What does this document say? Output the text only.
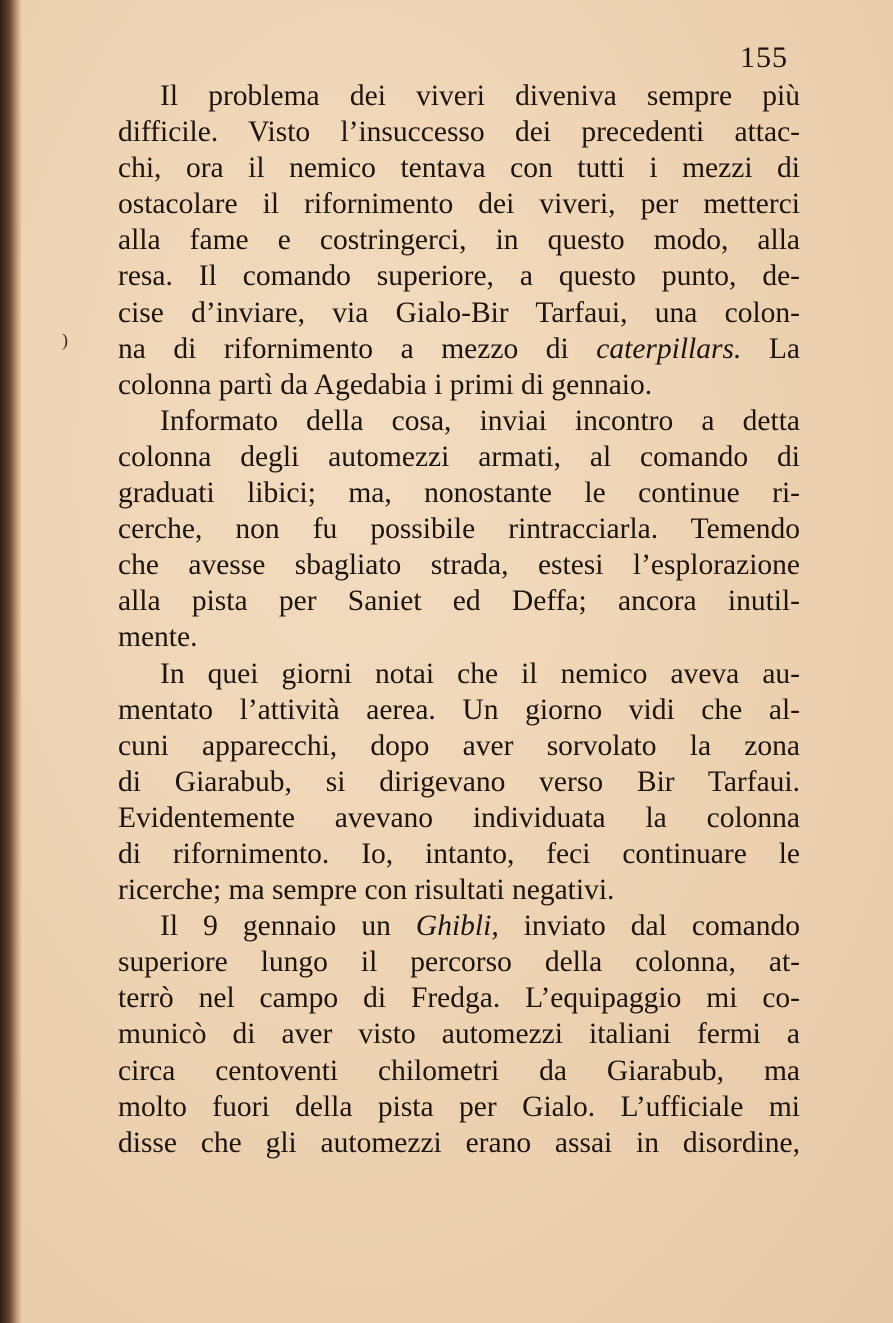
)
155
Il problema dei viveri diveniva sempre più
difficile. Visto l’insuccesso dei precedenti attac-
chi, ora il nemico tentava con tutti i mezzi di
ostacolare il rifornimento dei viveri, per metterci
alla fame e costringerci, in questo modo, alla
resa. Il comando superiore, a questo punto, de-
cise d’inviare, via Gialo-Bir Tarfaui, una colon-
na di rifornimento a mezzo di caterpillars. La
colonna partì da Agedabia i primi di gennaio.
Informato della cosa, inviai incontro a detta
colonna degli automezzi armati, al comando di
graduati libici; ma, nonostante le continue ri-
cerche, non fu possibile rintracciarla. Temendo
che avesse sbagliato strada, estesi l’esplorazione
alla pista per Saniet ed Deffa; ancora inutil-
mente.
In quei giorni notai che il nemico aveva au-
mentato l’attività aerea. Un giorno vidi che al-
cuni apparecchi, dopo aver sorvolato la zona
di Giarabub, si dirigevano verso Bir Tarfaui.
Evidentemente avevano individuata la colonna
di rifornimento. Io, intanto, feci continuare le
ricerche; ma sempre con risultati negativi.
Il 9 gennaio un Ghibli, inviato dal comando
superiore lungo il percorso della colonna, at-
terrò nel campo di Fredga. L’equipaggio mi co-
municò di aver visto automezzi italiani fermi a
circa centoventi chilometri da Giarabub, ma
molto fuori della pista per Gialo. L’ufficiale mi
disse che gli automezzi erano assai in disordine,
